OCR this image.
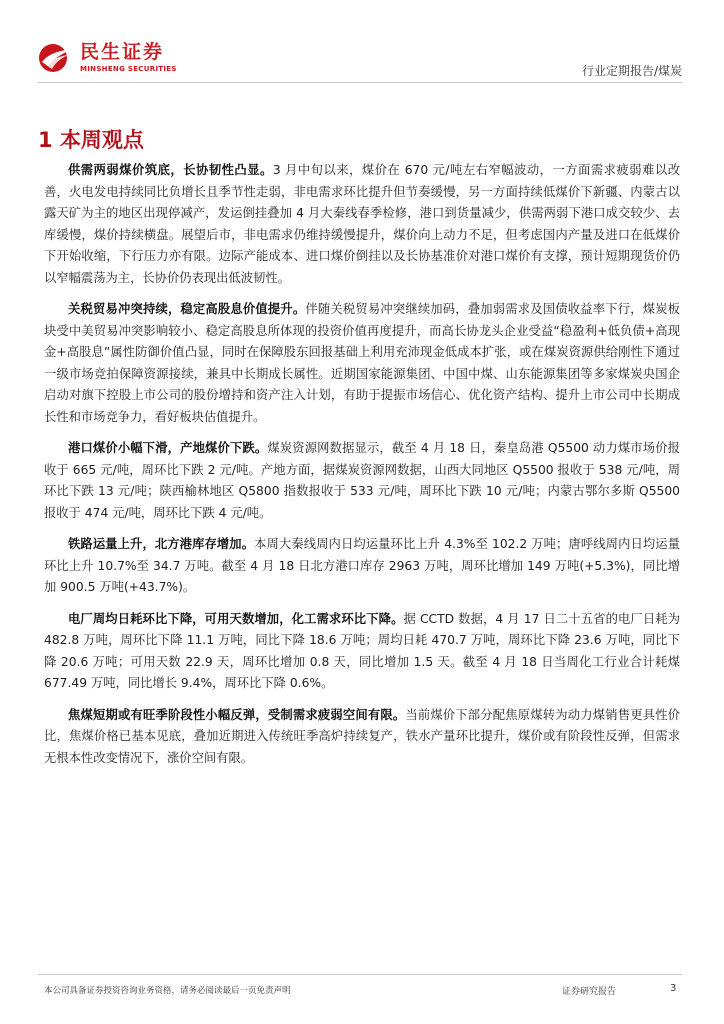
民生证券
MINSHENG SECURITIES	行业定期报告/煤炭
1 本周观点

供需两弱煤价筑底，长协韧性凸显。3 月中旬以来，煤价在 670 元/吨左右窄幅波动，一方面需求疲弱难以改善，火电发电持续同比负增长且季节性走弱，非电需求环比提升但节奏缓慢，另一方面持续低煤价下新疆、内蒙古以露天矿为主的地区出现停减产，发运倒挂叠加 4 月大秦线春季检修，港口到货量减少，供需两弱下港口成交较少、去库缓慢，煤价持续横盘。展望后市，非电需求仍维持缓慢提升，煤价向上动力不足，但考虑国内产量及进口在低煤价下开始收缩，下行压力亦有限。边际产能成本、进口煤价倒挂以及长协基准价对港口煤价有支撑，预计短期现货价仍以窄幅震荡为主，长协价仍表现出低波韧性。

关税贸易冲突持续，稳定高股息价值提升。伴随关税贸易冲突继续加码，叠加弱需求及国债收益率下行，煤炭板块受中美贸易冲突影响较小、稳定高股息所体现的投资价值再度提升，而高长协龙头企业受益“稳盈利+低负债+高现金+高股息”属性防御价值凸显，同时在保障股东回报基础上利用充沛现金低成本扩张，或在煤炭资源供给刚性下通过一级市场竞拍保障资源接续，兼具中长期成长属性。近期国家能源集团、中国中煤、山东能源集团等多家煤炭央国企启动对旗下控股上市公司的股份增持和资产注入计划，有助于提振市场信心、优化资产结构、提升上市公司中长期成长性和市场竞争力，看好板块估值提升。

港口煤价小幅下滑，产地煤价下跌。煤炭资源网数据显示，截至 4 月 18 日，秦皇岛港 Q5500 动力煤市场价报收于 665 元/吨，周环比下跌 2 元/吨。产地方面，据煤炭资源网数据，山西大同地区 Q5500 报收于 538 元/吨，周环比下跌 13 元/吨；陕西榆林地区 Q5800 指数报收于 533 元/吨，周环比下跌 10 元/吨；内蒙古鄂尔多斯 Q5500 报收于 474 元/吨，周环比下跌 4 元/吨。

铁路运量上升，北方港库存增加。本周大秦线周内日均运量环比上升 4.3%至 102.2 万吨；唐呼线周内日均运量环比上升 10.7%至 34.7 万吨。截至 4 月 18 日北方港口库存 2963 万吨，周环比增加 149 万吨(+5.3%)，同比增加 900.5 万吨(+43.7%)。

电厂周均日耗环比下降，可用天数增加，化工需求环比下降。据 CCTD 数据，4 月 17 日二十五省的电厂日耗为 482.8 万吨，周环比下降 11.1 万吨，同比下降 18.6 万吨；周均日耗 470.7 万吨，周环比下降 23.6 万吨，同比下降 20.6 万吨；可用天数 22.9 天，周环比增加 0.8 天，同比增加 1.5 天。截至 4 月 18 日当周化工行业合计耗煤 677.49 万吨，同比增长 9.4%，周环比下降 0.6%。

焦煤短期或有旺季阶段性小幅反弹，受制需求疲弱空间有限。当前煤价下部分配焦原煤转为动力煤销售更具性价比，焦煤价格已基本见底，叠加近期进入传统旺季高炉持续复产，铁水产量环比提升，煤价或有阶段性反弹，但需求无根本性改变情况下，涨价空间有限。

本公司具备证券投资咨询业务资格，请务必阅读最后一页免责声明	证券研究报告	3
